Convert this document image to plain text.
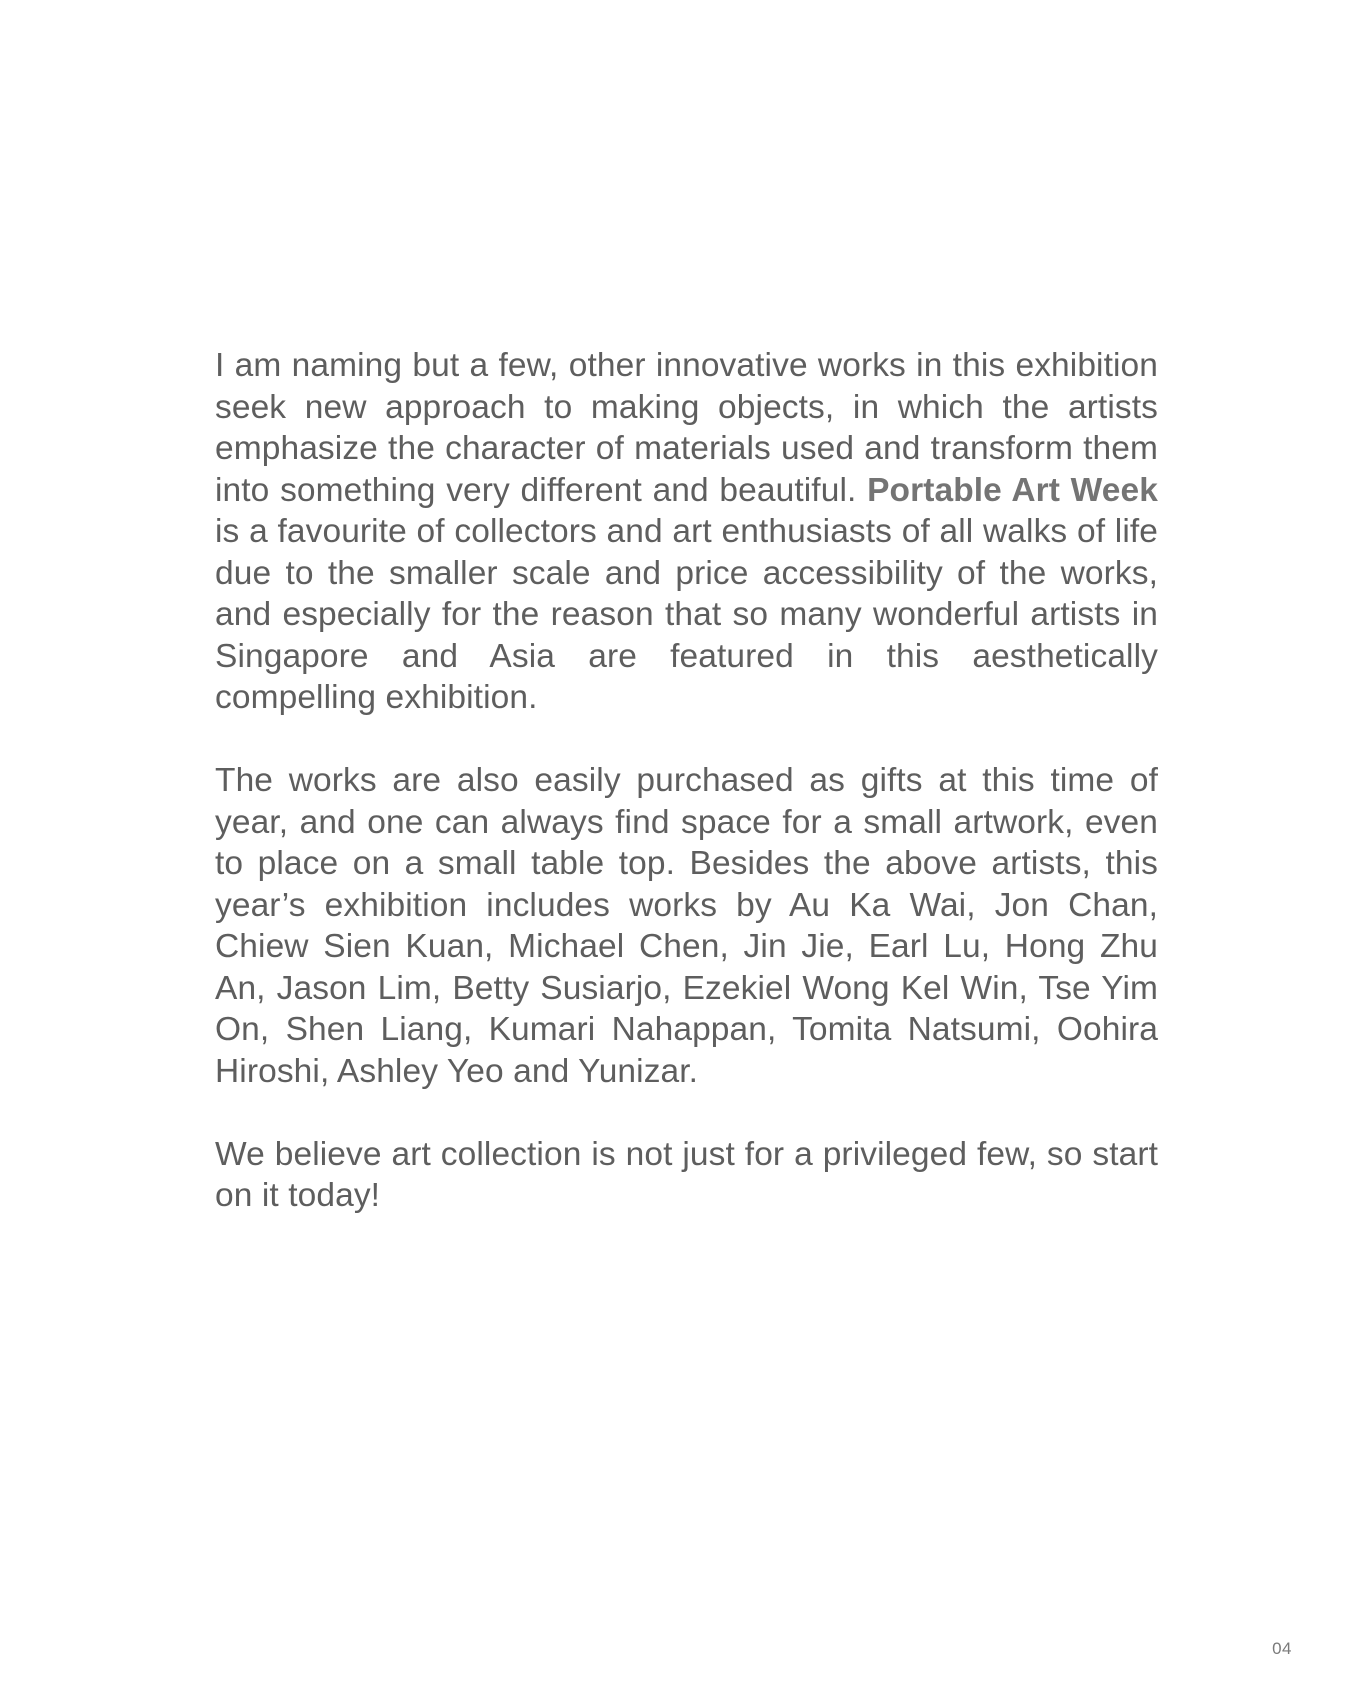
I am naming but a few, other innovative works in this exhibition seek new approach to making objects, in which the artists emphasize the character of materials used and transform them into something very different and beautiful. Portable Art Week is a favourite of collectors and art enthusiasts of all walks of life due to the smaller scale and price accessibility of the works, and especially for the reason that so many wonderful artists in Singapore and Asia are featured in this aesthetically compelling exhibition.

The works are also easily purchased as gifts at this time of year, and one can always find space for a small artwork, even to place on a small table top. Besides the above artists, this year’s exhibition includes works by Au Ka Wai, Jon Chan, Chiew Sien Kuan, Michael Chen, Jin Jie, Earl Lu, Hong Zhu An, Jason Lim, Betty Susiarjo, Ezekiel Wong Kel Win, Tse Yim On, Shen Liang, Kumari Nahappan, Tomita Natsumi, Oohira Hiroshi, Ashley Yeo and Yunizar.

We believe art collection is not just for a privileged few, so start on it today!

04
